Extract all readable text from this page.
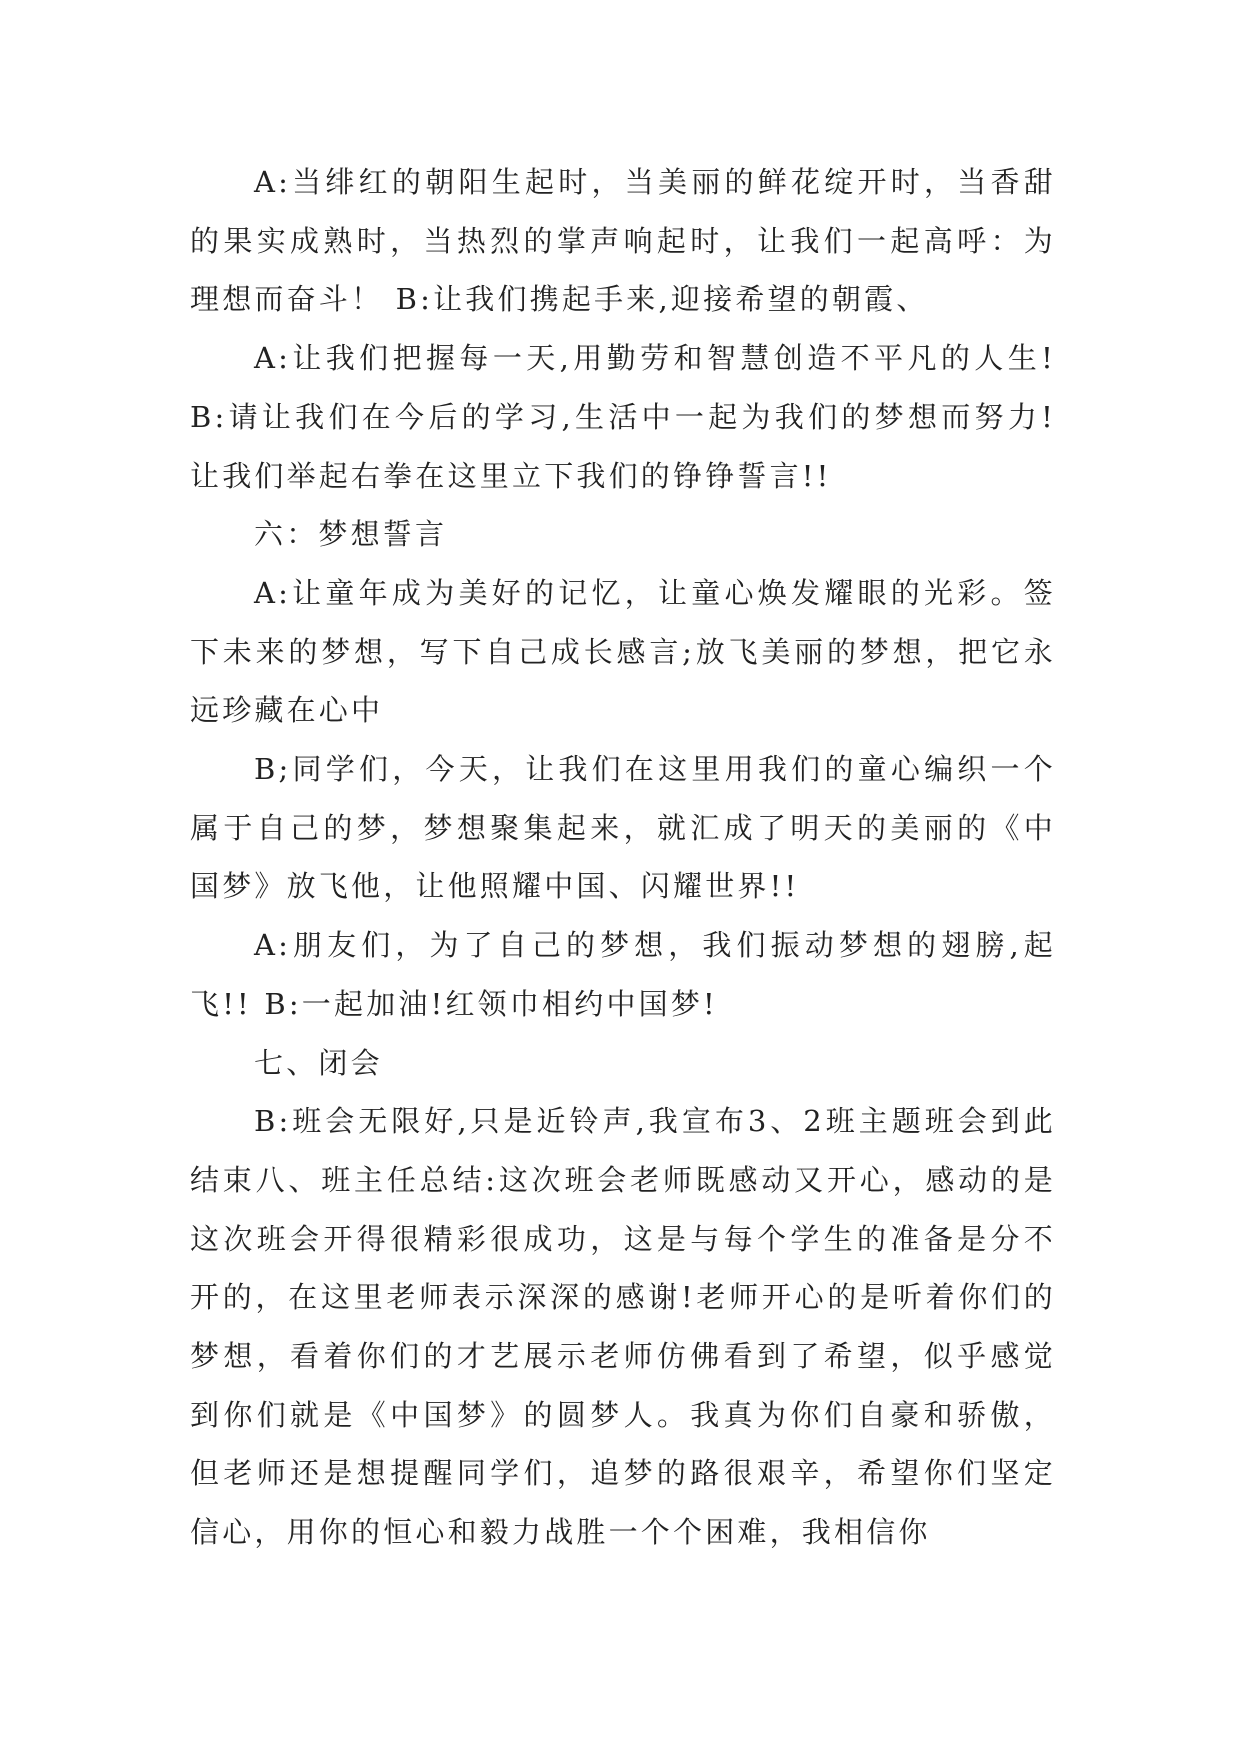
A:当绯红的朝阳生起时，当美丽的鲜花绽开时，当香甜的果实成熟时，当热烈的掌声响起时，让我们一起高呼：为理想而奋斗！ B:让我们携起手来,迎接希望的朝霞、

A:让我们把握每一天,用勤劳和智慧创造不平凡的人生!B:请让我们在今后的学习,生活中一起为我们的梦想而努力!让我们举起右拳在这里立下我们的铮铮誓言!!

六：梦想誓言

A:让童年成为美好的记忆，让童心焕发耀眼的光彩。签下未来的梦想，写下自己成长感言;放飞美丽的梦想，把它永远珍藏在心中

B;同学们，今天，让我们在这里用我们的童心编织一个属于自己的梦，梦想聚集起来，就汇成了明天的美丽的《中国梦》放飞他，让他照耀中国、闪耀世界!!

A:朋友们，为了自己的梦想，我们振动梦想的翅膀,起飞!! B:一起加油!红领巾相约中国梦!

七、闭会

B:班会无限好,只是近铃声,我宣布3、2班主题班会到此结束八、班主任总结:这次班会老师既感动又开心，感动的是这次班会开得很精彩很成功，这是与每个学生的准备是分不开的，在这里老师表示深深的感谢!老师开心的是听着你们的梦想，看着你们的才艺展示老师仿佛看到了希望，似乎感觉到你们就是《中国梦》的圆梦人。我真为你们自豪和骄傲，但老师还是想提醒同学们，追梦的路很艰辛，希望你们坚定信心，用你的恒心和毅力战胜一个个困难，我相信你
